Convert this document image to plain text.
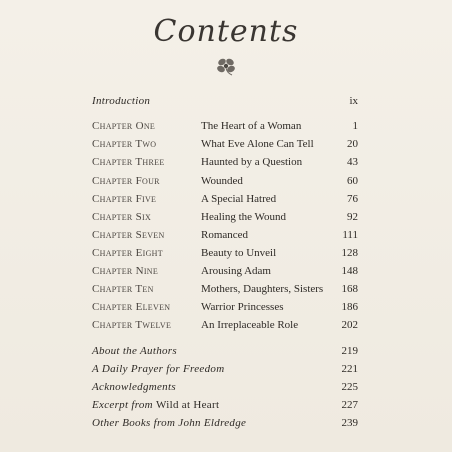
Contents
Introduction	ix
Chapter One	The Heart of a Woman	1
Chapter Two	What Eve Alone Can Tell	20
Chapter Three	Haunted by a Question	43
Chapter Four	Wounded	60
Chapter Five	A Special Hatred	76
Chapter Six	Healing the Wound	92
Chapter Seven	Romanced	111
Chapter Eight	Beauty to Unveil	128
Chapter Nine	Arousing Adam	148
Chapter Ten	Mothers, Daughters, Sisters 168
Chapter Eleven	Warrior Princesses	186
Chapter Twelve	An Irreplaceable Role	202
About the Authors	219
A Daily Prayer for Freedom	221
Acknowledgments	225
Excerpt from Wild at Heart	227
Other Books from John Eldredge	239
